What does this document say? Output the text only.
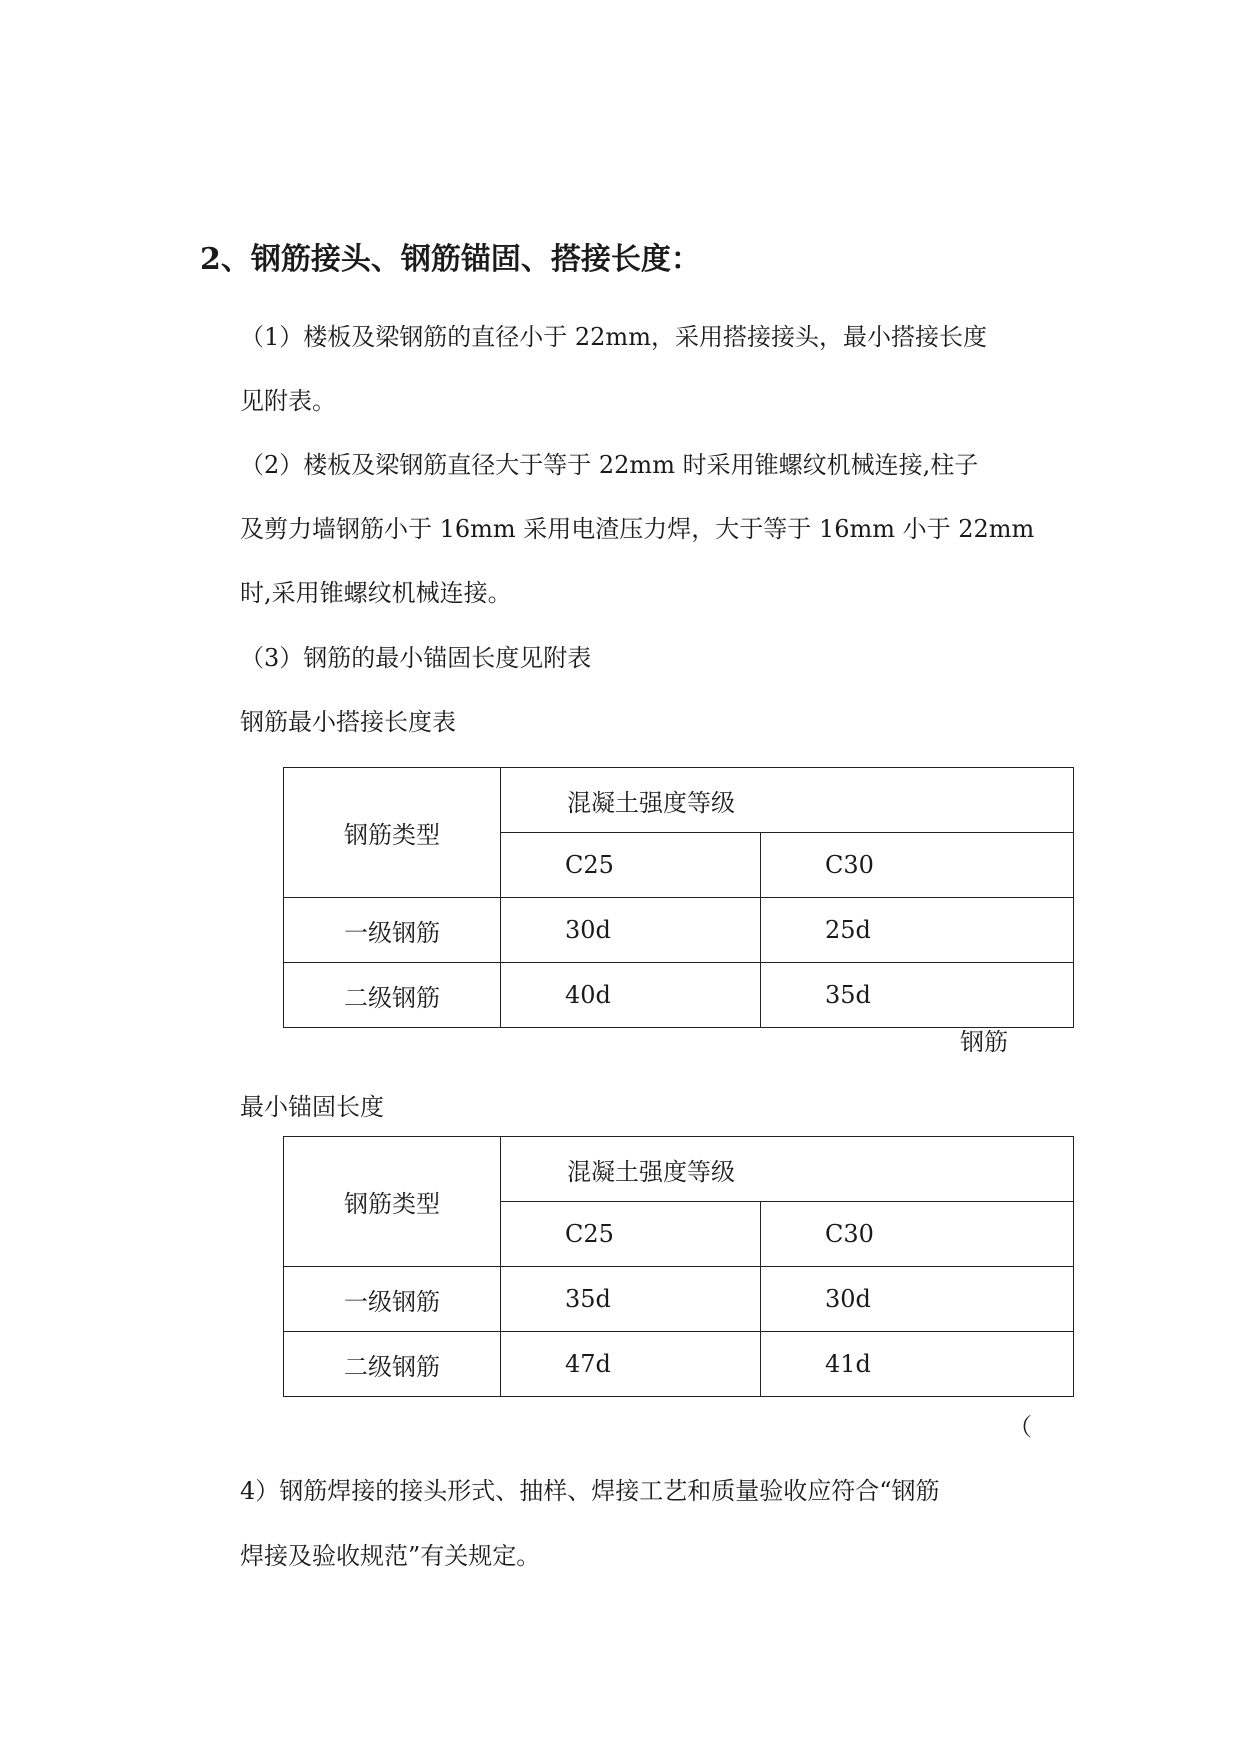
2、钢筋接头、钢筋锚固、搭接长度：
（1）楼板及梁钢筋的直径小于 22mm，采用搭接接头，最小搭接长度
见附表。
（2）楼板及梁钢筋直径大于等于 22mm 时采用锥螺纹机械连接,柱子
及剪力墙钢筋小于 16mm 采用电渣压力焊，大于等于 16mm 小于 22mm
时,采用锥螺纹机械连接。
（3）钢筋的最小锚固长度见附表
钢筋最小搭接长度表
钢筋类型	混凝土强度等级	
	C25	C30
一级钢筋	30d	25d
二级钢筋	40d	35d
钢筋
最小锚固长度
钢筋类型	混凝土强度等级	
	C25	C30
一级钢筋	35d	30d
二级钢筋	47d	41d
（
4）钢筋焊接的接头形式、抽样、焊接工艺和质量验收应符合“钢筋
焊接及验收规范”有关规定。
